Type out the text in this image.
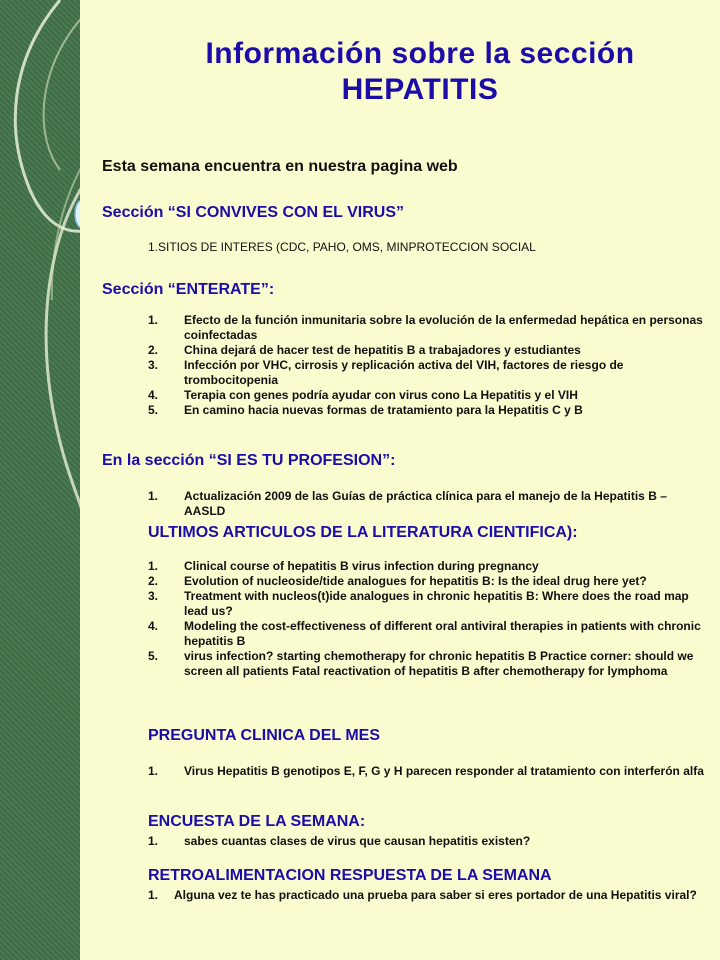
Información sobre la sección
HEPATITIS
Esta semana encuentra en nuestra pagina web
Sección “SI CONVIVES CON EL VIRUS”
1.SITIOS DE INTERES (CDC, PAHO, OMS, MINPROTECCION SOCIAL
Sección “ENTERATE”:
1. Efecto de la función inmunitaria sobre la evolución de la enfermedad hepática en personas coinfectadas
2. China dejará de hacer test de hepatitis B a trabajadores y estudiantes
3. Infección por VHC, cirrosis y replicación activa del VIH, factores de riesgo de trombocitopenia
4. Terapia con genes podría ayudar con virus cono La Hepatitis y el VIH
5. En camino hacia nuevas formas de tratamiento para la Hepatitis C y B
En la sección “SI ES TU PROFESION”:
1. Actualización 2009 de las Guías de práctica clínica para el manejo de la Hepatitis B – AASLD
ULTIMOS ARTICULOS DE LA LITERATURA CIENTIFICA):
1. Clinical course of hepatitis B virus infection during pregnancy
2. Evolution of nucleoside/tide analogues for hepatitis B: Is the ideal drug here yet?
3. Treatment with nucleos(t)ide analogues in chronic hepatitis B: Where does the road map lead us?
4. Modeling the cost-effectiveness of different oral antiviral therapies in patients with chronic hepatitis B
5. virus infection? starting chemotherapy for chronic hepatitis B Practice corner: should we screen all patients Fatal reactivation of hepatitis B after chemotherapy for lymphoma
PREGUNTA CLINICA DEL MES
1. Virus Hepatitis B genotipos E, F, G y H parecen responder al tratamiento con interferón alfa
ENCUESTA DE LA SEMANA:
1. sabes cuantas clases de virus que causan hepatitis existen?
RETROALIMENTACION RESPUESTA DE LA SEMANA
1. Alguna vez te has practicado una prueba para saber si eres portador de una Hepatitis viral?
